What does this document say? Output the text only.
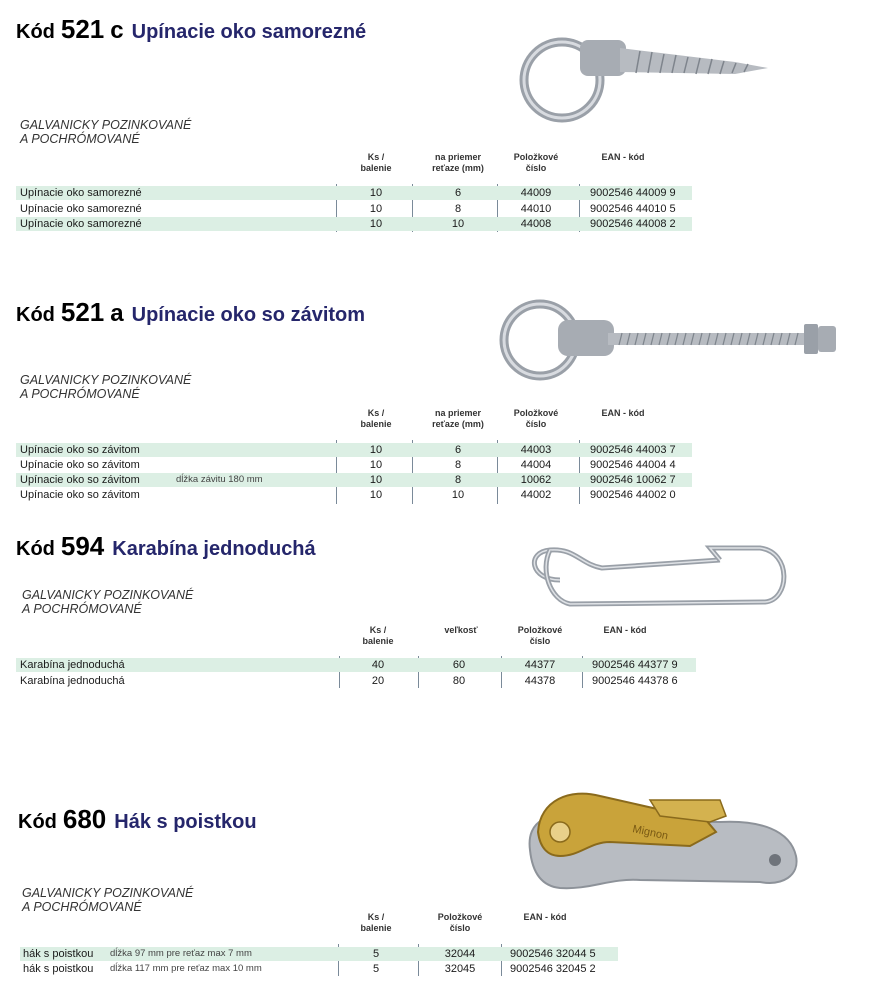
Kód 521 c Upínacie oko samorezné
GALVANICKY POZINKOVANÉ
A POCHRÓMOVANÉ
Ks /
balenie
na priemer
reťaze (mm)
Položkové
číslo
EAN - kód
Upínacie oko samorezné	10	6	44009	9002546 44009 9
Upínacie oko samorezné	10	8	44010	9002546 44010 5
Upínacie oko samorezné	10	10	44008	9002546 44008 2
Kód 521 a Upínacie oko so závitom
GALVANICKY POZINKOVANÉ
A POCHRÓMOVANÉ
Ks /
balenie
na priemer
reťaze (mm)
Položkové
číslo
EAN - kód
Upínacie oko so závitom	10	6	44003	9002546 44003 7
Upínacie oko so závitom	10	8	44004	9002546 44004 4
Upínacie oko so závitom	dĺžka závitu 180 mm	10	8	10062	9002546 10062 7
Upínacie oko so závitom	10	10	44002	9002546 44002 0
Kód 594 Karabína jednoduchá
GALVANICKY POZINKOVANÉ
A POCHRÓMOVANÉ
Ks /
balenie
veľkosť	Položkové
číslo
EAN - kód
Karabína jednoduchá	40	60	44377	9002546 44377 9
Karabína jednoduchá	20	80	44378	9002546 44378 6
Kód 680 Hák s poistkou	Mignon
GALVANICKY POZINKOVANÉ
A POCHRÓMOVANÉ
Ks /
balenie
Položkové
číslo
EAN - kód
hák s poistkou dĺžka 97 mm pre reťaz max 7 mm	5	32044	9002546 32044 5
hák s poistkou dĺžka 117 mm pre reťaz max 10 mm	5	32045	9002546 32045 2
